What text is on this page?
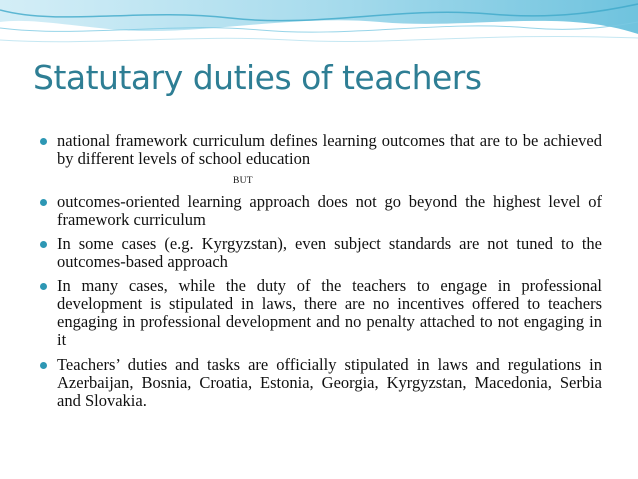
Statutary duties of teachers
national framework curriculum defines learning outcomes that are to be achieved by different levels of school education
outcomes-oriented learning approach does not go beyond the highest level of framework curriculum
In some cases (e.g. Kyrgyzstan), even subject standards are not tuned to the outcomes-based approach
In many cases, while the duty of the teachers to engage in professional development is stipulated in laws, there are no incentives offered to teachers engaging in professional development and no penalty attached to not engaging in it
Teachers’ duties and tasks are officially stipulated in laws and regulations in Azerbaijan, Bosnia, Croatia, Estonia, Georgia, Kyrgyzstan, Macedonia, Serbia and Slovakia.
BUT
